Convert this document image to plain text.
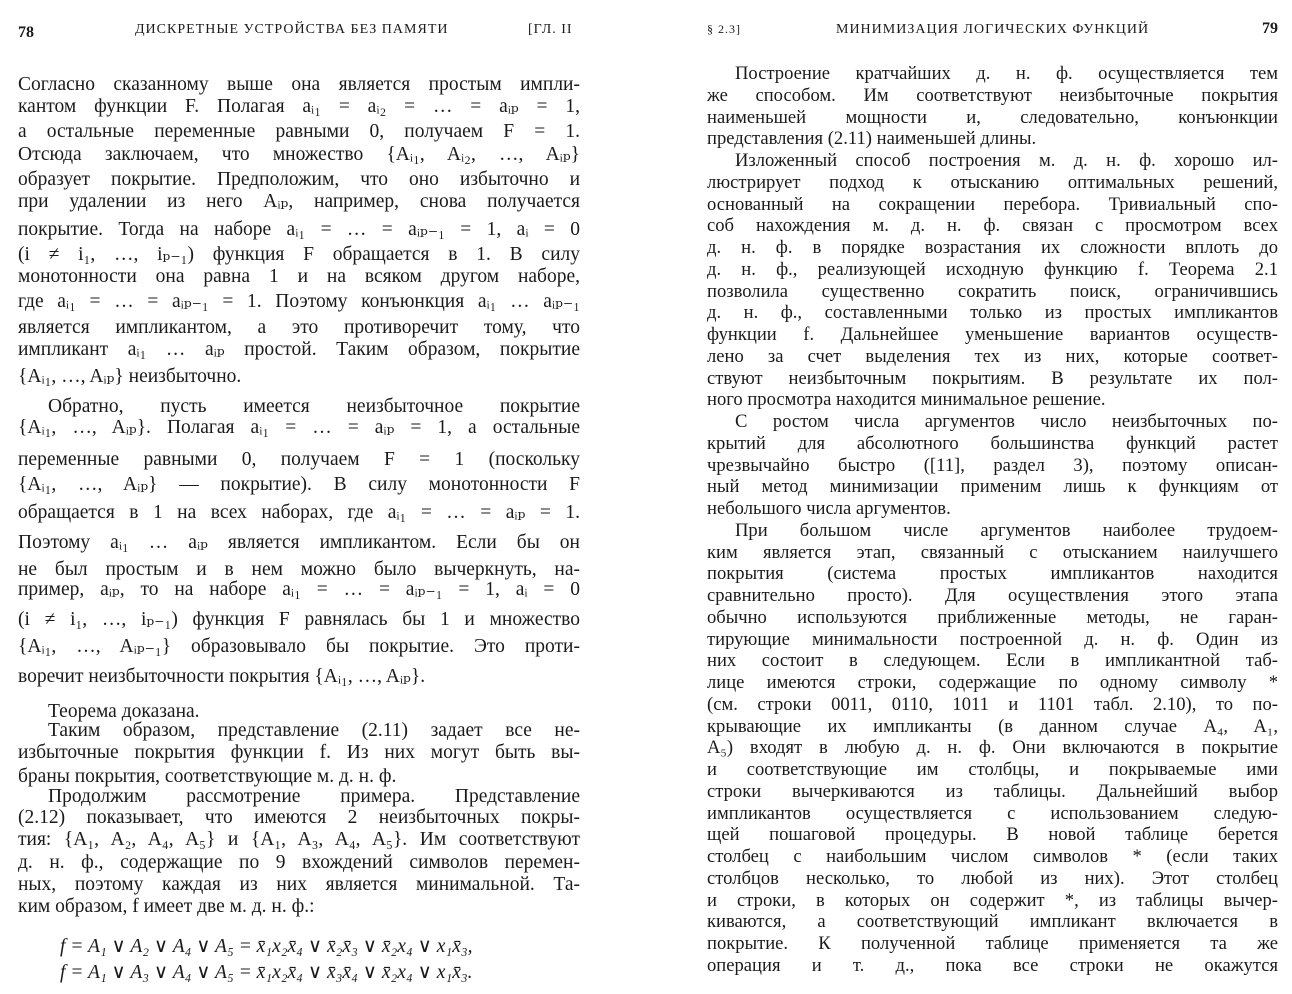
78	ДИСКРЕТНЫЕ УСТРОЙСТВА БЕЗ ПАМЯТИ	[ГЛ. II
Согласно сказанному выше она является простым импли-
кантом функции F. Полагая aᵢ₁ = aᵢ₂ = … = aᵢₚ = 1,
а остальные переменные равными 0, получаем F = 1.
Отсюда заключаем, что множество {Aᵢ₁, Aᵢ₂, …, Aᵢₚ}
образует покрытие. Предположим, что оно избыточно и
при удалении из него Aᵢₚ, например, снова получается
покрытие. Тогда на наборе aᵢ₁ = … = aᵢₚ₋₁ = 1, aᵢ = 0
(i ≠ i₁, …, iₚ₋₁) функция F обращается в 1. В силу
монотонности она равна 1 и на всяком другом наборе,
где aᵢ₁ = … = aᵢₚ₋₁ = 1. Поэтому конъюнкция aᵢ₁ … aᵢₚ₋₁
является импликантом, а это противоречит тому, что
импликант aᵢ₁ … aᵢₚ простой. Таким образом, покрытие
{Aᵢ₁, …, Aᵢₚ} неизбыточно.
Обратно, пусть имеется неизбыточное покрытие
{Aᵢ₁, …, Aᵢₚ}. Полагая aᵢ₁ = … = aᵢₚ = 1, а остальные
переменные равными 0, получаем F = 1 (поскольку
{Aᵢ₁, …, Aᵢₚ} — покрытие). В силу монотонности F
обращается в 1 на всех наборах, где aᵢ₁ = … = aᵢₚ = 1.
Поэтому aᵢ₁ … aᵢₚ является импликантом. Если бы он
не был простым и в нем можно было вычеркнуть, на-
пример, aᵢₚ, то на наборе aᵢ₁ = … = aᵢₚ₋₁ = 1, aᵢ = 0
(i ≠ i₁, …, iₚ₋₁) функция F равнялась бы 1 и множество
{Aᵢ₁, …, Aᵢₚ₋₁} образовывало бы покрытие. Это проти-
воречит неизбыточности покрытия {Aᵢ₁, …, Aᵢₚ}.
Теорема доказана.
Таким образом, представление (2.11) задает все не-
избыточные покрытия функции f. Из них могут быть вы-
браны покрытия, соответствующие м. д. н. ф.
Продолжим рассмотрение примера. Представление
(2.12) показывает, что имеются 2 неизбыточных покры-
тия: {A₁, A₂, A₄, A₅} и {A₁, A₃, A₄, A₅}. Им соответствуют
д. н. ф., содержащие по 9 вхождений символов перемен-
ных, поэтому каждая из них является минимальной. Та-
ким образом, f имеет две м. д. н. ф.:
f = A₁ ∨ A₂ ∨ A₄ ∨ A₅ = x̄₁x₂x̄₄ ∨ x̄₂x̄₃ ∨ x̄₂x₄ ∨ x₁x̄₃,
f = A₁ ∨ A₃ ∨ A₄ ∨ A₅ = x̄₁x₂x̄₄ ∨ x̄₃x̄₄ ∨ x̄₂x₄ ∨ x₁x̄₃.
§ 2.3]	МИНИМИЗАЦИЯ ЛОГИЧЕСКИХ ФУНКЦИЙ	79
Построение кратчайших д. н. ф. осуществляется тем
же способом. Им соответствуют неизбыточные покрытия
наименьшей мощности и, следовательно, конъюнкции
представления (2.11) наименьшей длины.
Изложенный способ построения м. д. н. ф. хорошо ил-
люстрирует подход к отысканию оптимальных решений,
основанный на сокращении перебора. Тривиальный спо-
соб нахождения м. д. н. ф. связан с просмотром всех
д. н. ф. в порядке возрастания их сложности вплоть до
д. н. ф., реализующей исходную функцию f. Теорема 2.1
позволила существенно сократить поиск, ограничившись
д. н. ф., составленными только из простых импликантов
функции f. Дальнейшее уменьшение вариантов осуществ-
лено за счет выделения тех из них, которые соответ-
ствуют неизбыточным покрытиям. В результате их пол-
ного просмотра находится минимальное решение.
С ростом числа аргументов число неизбыточных по-
крытий для абсолютного большинства функций растет
чрезвычайно быстро ([11], раздел 3), поэтому описан-
ный метод минимизации применим лишь к функциям от
небольшого числа аргументов.
При большом числе аргументов наиболее трудоем-
ким является этап, связанный с отысканием наилучшего
покрытия (система простых импликантов находится
сравнительно просто). Для осуществления этого этапа
обычно используются приближенные методы, не гаран-
тирующие минимальности построенной д. н. ф. Один из
них состоит в следующем. Если в импликантной таб-
лице имеются строки, содержащие по одному символу *
(см. строки 0011, 0110, 1011 и 1101 табл. 2.10), то по-
крывающие их импликанты (в данном случае A₄, A₁,
A₅) входят в любую д. н. ф. Они включаются в покрытие
и соответствующие им столбцы, и покрываемые ими
строки вычеркиваются из таблицы. Дальнейший выбор
импликантов осуществляется с использованием следую-
щей пошаговой процедуры. В новой таблице берется
столбец с наибольшим числом символов * (если таких
столбцов несколько, то любой из них). Этот столбец
и строки, в которых он содержит *, из таблицы вычер-
киваются, а соответствующий импликант включается в
покрытие. К полученной таблице применяется та же
операция и т. д., пока все строки не окажутся
